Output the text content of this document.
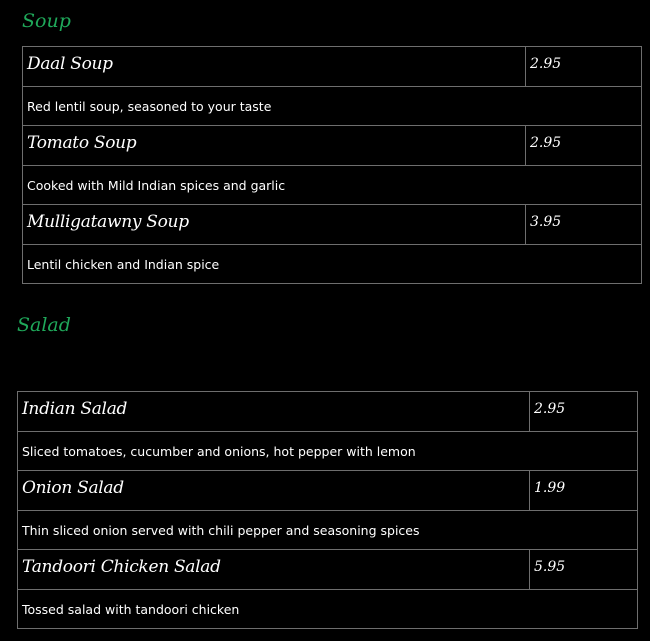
Soup
Daal Soup	2.95
Red lentil soup, seasoned to your taste	
Tomato Soup	2.95
Cooked with Mild Indian spices and garlic	
Mulligatawny Soup	3.95
Lentil chicken and Indian spice	
Salad
Indian Salad	2.95
Sliced tomatoes, cucumber and onions, hot pepper with lemon	
Onion Salad	1.99
Thin sliced onion served with chili pepper and seasoning spices	
Tandoori Chicken Salad	5.95
Tossed salad with tandoori chicken	
